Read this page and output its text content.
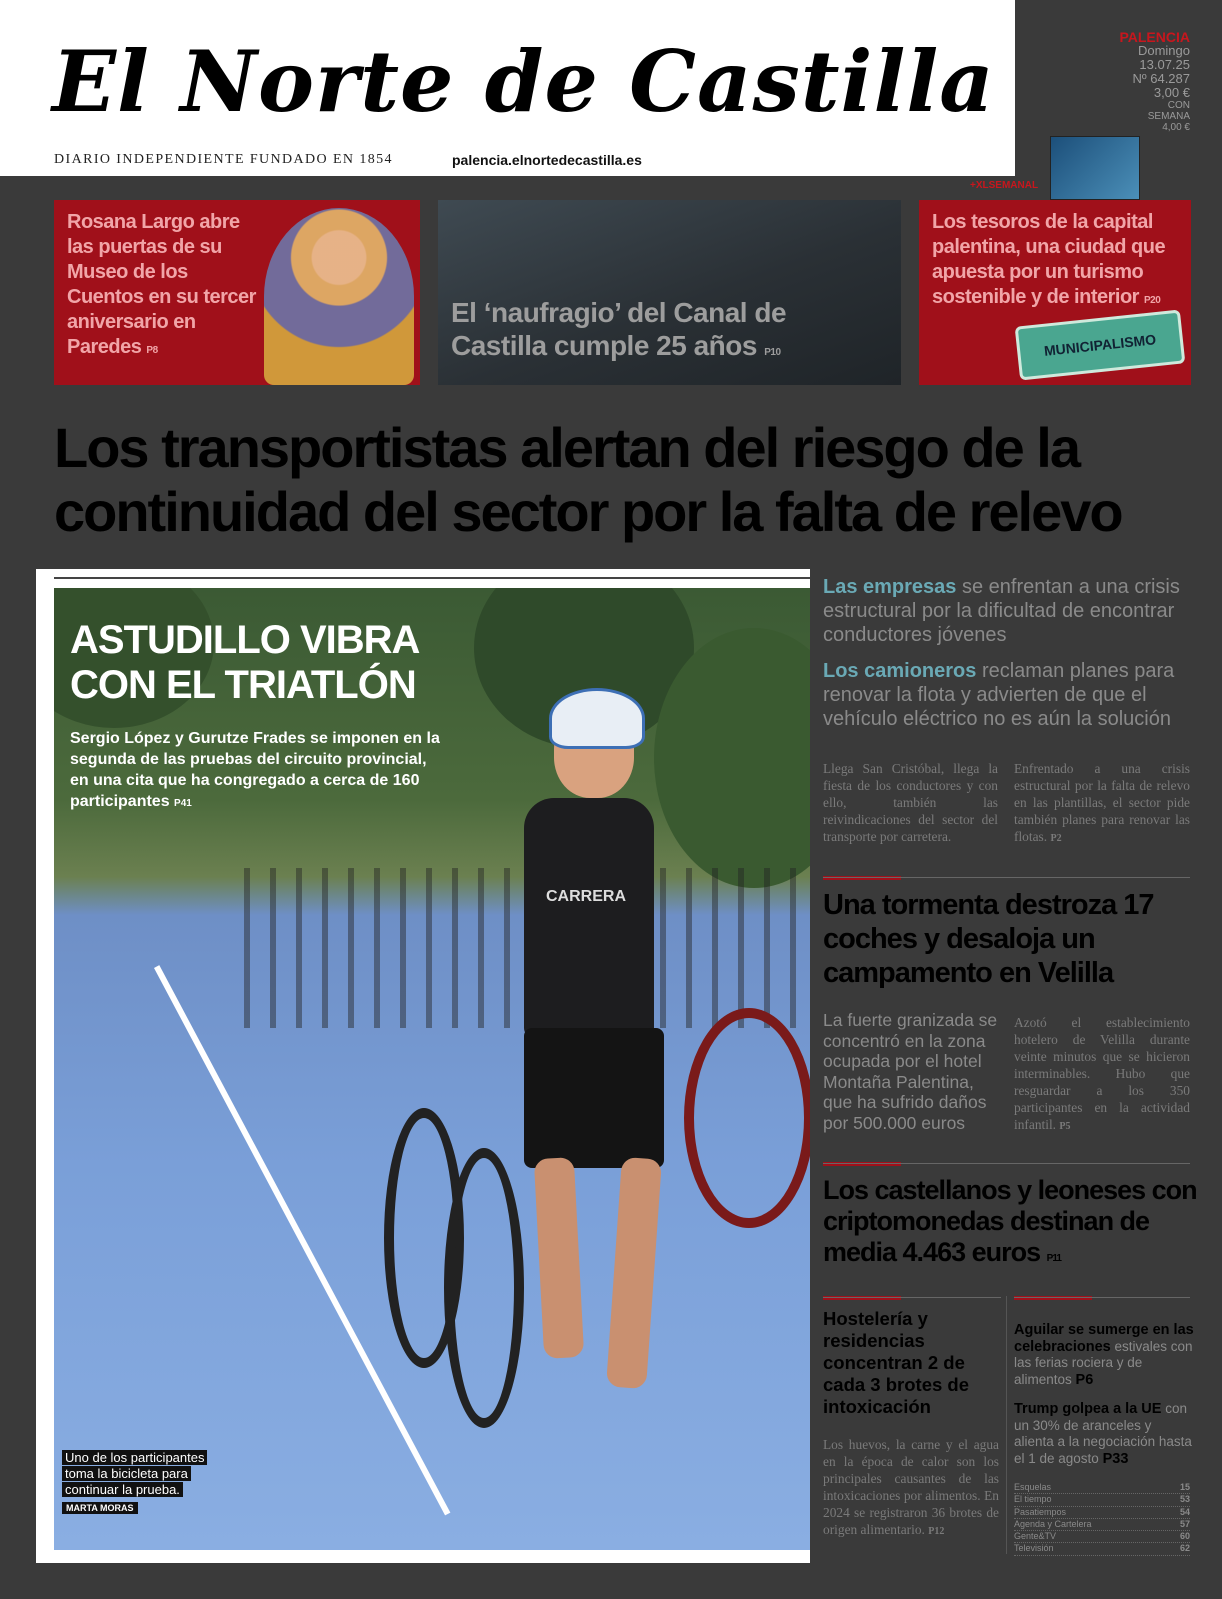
El Norte de Castilla
DIARIO INDEPENDIENTE FUNDADO EN 1854	palencia.elnortedecastilla.es
PALENCIA
Domingo
13.07.25
Nº 64.287
3,00 €
CON
SEMANA
4,00 €
+XLSEMANAL
Rosana Largo abre las puertas de su Museo de los Cuentos en su tercer aniversario en Paredes P8
El ‘naufragio’ del Canal de Castilla cumple 25 años P10
Los tesoros de la capital palentina, una ciudad que apuesta por un turismo sostenible y de interior P20
MUNICIPALISMO
Los transportistas alertan del riesgo de la continuidad del sector por la falta de relevo
CARRERA
ASTUDILLO VIBRA CON EL TRIATLÓN
Sergio López y Gurutze Frades se imponen en la segunda de las pruebas del circuito provincial, en una cita que ha congregado a cerca de 160 participantes P41
Uno de los participantes
toma la bicicleta para
continuar la prueba.
MARTA MORAS

Las empresas se enfrentan a una crisis estructural por la dificultad de encontrar conductores jóvenes

Los camioneros reclaman planes para renovar la flota y advierten de que el vehículo eléctrico no es aún la solución

Llega San Cristóbal, llega la fiesta de los conductores y con ello, también las reivindicaciones del sector del transporte por carretera.
Enfrentado a una crisis estructural por la falta de relevo en las plantillas, el sector pide también planes para renovar las flotas. P2
Una tormenta destroza 17 coches y desaloja un campamento en Velilla
La fuerte granizada se concentró en la zona ocupada por el hotel Montaña Palentina, que ha sufrido daños por 500.000 euros
Azotó el establecimiento hotelero de Velilla durante veinte minutos que se hicieron interminables. Hubo que resguardar a los 350 participantes en la actividad infantil. P5
Los castellanos y leoneses con criptomonedas destinan de media 4.463 euros P11
Hostelería y residencias concentran 2 de cada 3 brotes de intoxicación
Los huevos, la carne y el agua en la época de calor son los principales causantes de las intoxicaciones por alimentos. En 2024 se registraron 36 brotes de origen alimentario. P12
Aguilar se sumerge en las celebraciones estivales con las ferias rociera y de alimentos P6
Trump golpea a la UE con un 30% de aranceles y alienta a la negociación hasta el 1 de agosto P33
Esquelas	15
El tiempo	53
Pasatiempos	54
Agenda y Cartelera	57
Gente&TV	60
Televisión	62
